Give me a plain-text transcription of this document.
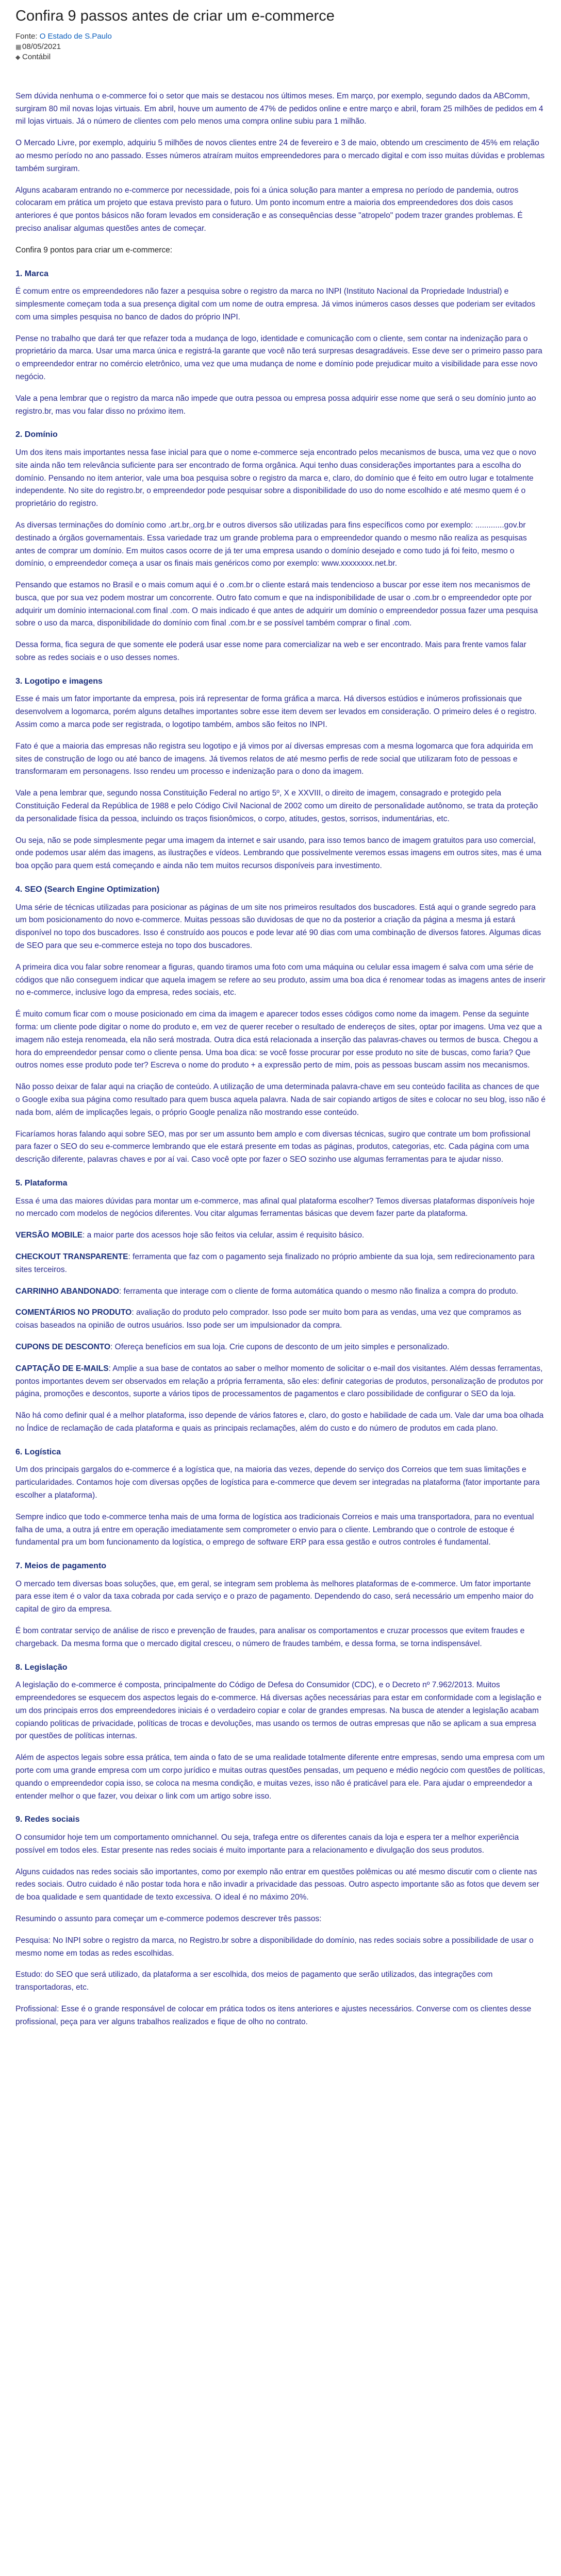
Confira 9 passos antes de criar um e-commerce

Fonte: O Estado de S.Paulo

▦ 08/05/2021

◆ Contábil

Sem dúvida nenhuma o e-commerce foi o setor que mais se destacou nos últimos meses. Em março, por exemplo, segundo dados da ABComm, surgiram 80 mil novas lojas virtuais. Em abril, houve um aumento de 47% de pedidos online e entre março e abril, foram 25 milhões de pedidos em 4 mil lojas virtuais. Já o número de clientes com pelo menos uma compra online subiu para 1 milhão.

O Mercado Livre, por exemplo, adquiriu 5 milhões de novos clientes entre 24 de fevereiro e 3 de maio, obtendo um crescimento de 45% em relação ao mesmo período no ano passado. Esses números atraíram muitos empreendedores para o mercado digital e com isso muitas dúvidas e problemas também surgiram.

Alguns acabaram entrando no e-commerce por necessidade, pois foi a única solução para manter a empresa no período de pandemia, outros colocaram em prática um projeto que estava previsto para o futuro. Um ponto incomum entre a maioria dos empreendedores dos dois casos anteriores é que pontos básicos não foram levados em consideração e as consequências desse "atropelo" podem trazer grandes problemas. É preciso analisar algumas questões antes de começar.

Confira 9 pontos para criar um e-commerce:

1. Marca

É comum entre os empreendedores não fazer a pesquisa sobre o registro da marca no INPI (Instituto Nacional da Propriedade Industrial) e simplesmente começam toda a sua presença digital com um nome de outra empresa. Já vimos inúmeros casos desses que poderiam ser evitados com uma simples pesquisa no banco de dados do próprio INPI.

Pense no trabalho que dará ter que refazer toda a mudança de logo, identidade e comunicação com o cliente, sem contar na indenização para o proprietário da marca. Usar uma marca única e registrá-la garante que você não terá surpresas desagradáveis. Esse deve ser o primeiro passo para o empreendedor entrar no comércio eletrônico, uma vez que uma mudança de nome e domínio pode prejudicar muito a visibilidade para esse novo negócio.

Vale a pena lembrar que o registro da marca não impede que outra pessoa ou empresa possa adquirir esse nome que será o seu domínio junto ao registro.br, mas vou falar disso no próximo item.

2. Domínio

Um dos itens mais importantes nessa fase inicial para que o nome e-commerce seja encontrado pelos mecanismos de busca, uma vez que o novo site ainda não tem relevância suficiente para ser encontrado de forma orgânica. Aqui tenho duas considerações importantes para a escolha do domínio. Pensando no item anterior, vale uma boa pesquisa sobre o registro da marca e, claro, do domínio que é feito em outro lugar e totalmente independente. No site do registro.br, o empreendedor pode pesquisar sobre a disponibilidade do uso do nome escolhido e até mesmo quem é o proprietário do registro.

As diversas terminações do domínio como .art.br,.org.br e outros diversos são utilizadas para fins específicos como por exemplo: .............gov.br destinado a órgãos governamentais. Essa variedade traz um grande problema para o empreendedor quando o mesmo não realiza as pesquisas antes de comprar um domínio. Em muitos casos ocorre de já ter uma empresa usando o domínio desejado e como tudo já foi feito, mesmo o domínio, o empreendedor começa a usar os finais mais genéricos como por exemplo: www.xxxxxxxx.net.br.

Pensando que estamos no Brasil e o mais comum aqui é o .com.br o cliente estará mais tendencioso a buscar por esse item nos mecanismos de busca, que por sua vez podem mostrar um concorrente. Outro fato comum e que na indisponibilidade de usar o .com.br o empreendedor opte por adquirir um domínio internacional.com final .com. O mais indicado é que antes de adquirir um domínio o empreendedor possua fazer uma pesquisa sobre o uso da marca, disponibilidade do domínio com final .com.br e se possível também comprar o final .com.

Dessa forma, fica segura de que somente ele poderá usar esse nome para comercializar na web e ser encontrado. Mais para frente vamos falar sobre as redes sociais e o uso desses nomes.

3. Logotipo e imagens

Esse é mais um fator importante da empresa, pois irá representar de forma gráfica a marca. Há diversos estúdios e inúmeros profissionais que desenvolvem a logomarca, porém alguns detalhes importantes sobre esse item devem ser levados em consideração. O primeiro deles é o registro. Assim como a marca pode ser registrada, o logotipo também, ambos são feitos no INPI.

Fato é que a maioria das empresas não registra seu logotipo e já vimos por aí diversas empresas com a mesma logomarca que fora adquirida em sites de construção de logo ou até banco de imagens. Já tivemos relatos de até mesmo perfis de rede social que utilizaram foto de pessoas e transformaram em personagens. Isso rendeu um processo e indenização para o dono da imagem.

Vale a pena lembrar que, segundo nossa Constituição Federal no artigo 5º, X e XXVIII, o direito de imagem, consagrado e protegido pela Constituição Federal da República de 1988 e pelo Código Civil Nacional de 2002 como um direito de personalidade autônomo, se trata da proteção da personalidade física da pessoa, incluindo os traços fisionômicos, o corpo, atitudes, gestos, sorrisos, indumentárias, etc.

Ou seja, não se pode simplesmente pegar uma imagem da internet e sair usando, para isso temos banco de imagem gratuitos para uso comercial, onde podemos usar além das imagens, as ilustrações e vídeos. Lembrando que possivelmente veremos essas imagens em outros sites, mas é uma boa opção para quem está começando e ainda não tem muitos recursos disponíveis para investimento.

4. SEO (Search Engine Optimization)

Uma série de técnicas utilizadas para posicionar as páginas de um site nos primeiros resultados dos buscadores. Está aqui o grande segredo para um bom posicionamento do novo e-commerce. Muitas pessoas são duvidosas de que no da posterior a criação da página a mesma já estará disponível no topo dos buscadores. Isso é construído aos poucos e pode levar até 90 dias com uma combinação de diversos fatores. Algumas dicas de SEO para que seu e-commerce esteja no topo dos buscadores.

A primeira dica vou falar sobre renomear a figuras, quando tiramos uma foto com uma máquina ou celular essa imagem é salva com uma série de códigos que não conseguem indicar que aquela imagem se refere ao seu produto, assim uma boa dica é renomear todas as imagens antes de inserir no e-commerce, inclusive logo da empresa, redes sociais, etc.

É muito comum ficar com o mouse posicionado em cima da imagem e aparecer todos esses códigos como nome da imagem. Pense da seguinte forma: um cliente pode digitar o nome do produto e, em vez de querer receber o resultado de endereços de sites, optar por imagens. Uma vez que a imagem não esteja renomeada, ela não será mostrada. Outra dica está relacionada a inserção das palavras-chaves ou termos de busca. Chegou a hora do empreendedor pensar como o cliente pensa. Uma boa dica: se você fosse procurar por esse produto no site de buscas, como faria? Que outros nomes esse produto pode ter? Escreva o nome do produto + a expressão perto de mim, pois as pessoas buscam assim nos mecanismos.

Não posso deixar de falar aqui na criação de conteúdo. A utilização de uma determinada palavra-chave em seu conteúdo facilita as chances de que o Google exiba sua página como resultado para quem busca aquela palavra. Nada de sair copiando artigos de sites e colocar no seu blog, isso não é nada bom, além de implicações legais, o próprio Google penaliza não mostrando esse conteúdo.

Ficaríamos horas falando aqui sobre SEO, mas por ser um assunto bem amplo e com diversas técnicas, sugiro que contrate um bom profissional para fazer o SEO do seu e-commerce lembrando que ele estará presente em todas as páginas, produtos, categorias, etc. Cada página com uma descrição diferente, palavras chaves e por aí vai. Caso você opte por fazer o SEO sozinho use algumas ferramentas para te ajudar nisso.

5. Plataforma

Essa é uma das maiores dúvidas para montar um e-commerce, mas afinal qual plataforma escolher? Temos diversas plataformas disponíveis hoje no mercado com modelos de negócios diferentes. Vou citar algumas ferramentas básicas que devem fazer parte da plataforma.

VERSÃO MOBILE: a maior parte dos acessos hoje são feitos via celular, assim é requisito básico.

CHECKOUT TRANSPARENTE: ferramenta que faz com o pagamento seja finalizado no próprio ambiente da sua loja, sem redirecionamento para sites terceiros.

CARRINHO ABANDONADO: ferramenta que interage com o cliente de forma automática quando o mesmo não finaliza a compra do produto.

COMENTÁRIOS NO PRODUTO: avaliação do produto pelo comprador. Isso pode ser muito bom para as vendas, uma vez que compramos as coisas baseados na opinião de outros usuários. Isso pode ser um impulsionador da compra.

CUPONS DE DESCONTO: Ofereça benefícios em sua loja. Crie cupons de desconto de um jeito simples e personalizado.

CAPTAÇÃO DE E-MAILS: Amplie a sua base de contatos ao saber o melhor momento de solicitar o e-mail dos visitantes. Além dessas ferramentas, pontos importantes devem ser observados em relação a própria ferramenta, são eles: definir categorias de produtos, personalização de produtos por página, promoções e descontos, suporte a vários tipos de processamentos de pagamentos e claro possibilidade de configurar o SEO da loja.

Não há como definir qual é a melhor plataforma, isso depende de vários fatores e, claro, do gosto e habilidade de cada um. Vale dar uma boa olhada no Índice de reclamação de cada plataforma e quais as principais reclamações, além do custo e do número de produtos em cada plano.

6. Logística

Um dos principais gargalos do e-commerce é a logística que, na maioria das vezes, depende do serviço dos Correios que tem suas limitações e particularidades. Contamos hoje com diversas opções de logística para e-commerce que devem ser integradas na plataforma (fator importante para escolher a plataforma).

Sempre indico que todo e-commerce tenha mais de uma forma de logística aos tradicionais Correios e mais uma transportadora, para no eventual falha de uma, a outra já entre em operação imediatamente sem comprometer o envio para o cliente. Lembrando que o controle de estoque é fundamental pra um bom funcionamento da logística, o emprego de software ERP para essa gestão e outros controles é fundamental.

7. Meios de pagamento

O mercado tem diversas boas soluções, que, em geral, se integram sem problema às melhores plataformas de e-commerce. Um fator importante para esse item é o valor da taxa cobrada por cada serviço e o prazo de pagamento. Dependendo do caso, será necessário um empenho maior do capital de giro da empresa.

É bom contratar serviço de análise de risco e prevenção de fraudes, para analisar os comportamentos e cruzar processos que evitem fraudes e chargeback. Da mesma forma que o mercado digital cresceu, o número de fraudes também, e dessa forma, se torna indispensável.

8. Legislação

A legislação do e-commerce é composta, principalmente do Código de Defesa do Consumidor (CDC), e o Decreto nº 7.962/2013. Muitos empreendedores se esquecem dos aspectos legais do e-commerce. Há diversas ações necessárias para estar em conformidade com a legislação e um dos principais erros dos empreendedores iniciais é o verdadeiro copiar e colar de grandes empresas. Na busca de atender a legislação acabam copiando politicas de privacidade, políticas de trocas e devoluções, mas usando os termos de outras empresas que não se aplicam a sua empresa por questões de políticas internas.

Além de aspectos legais sobre essa prática, tem ainda o fato de se uma realidade totalmente diferente entre empresas, sendo uma empresa com um porte com uma grande empresa com um corpo jurídico e muitas outras questões pensadas, um pequeno e médio negócio com questões de políticas, quando o empreendedor copia isso, se coloca na mesma condição, e muitas vezes, isso não é praticável para ele. Para ajudar o empreendedor a entender melhor o que fazer, vou deixar o link com um artigo sobre isso.

9. Redes sociais

O consumidor hoje tem um comportamento omnichannel. Ou seja, trafega entre os diferentes canais da loja e espera ter a melhor experiência possível em todos eles. Estar presente nas redes sociais é muito importante para a relacionamento e divulgação dos seus produtos.

Alguns cuidados nas redes sociais são importantes, como por exemplo não entrar em questões polêmicas ou até mesmo discutir com o cliente nas redes sociais. Outro cuidado é não postar toda hora e não invadir a privacidade das pessoas. Outro aspecto importante são as fotos que devem ser de boa qualidade e sem quantidade de texto excessiva. O ideal é no máximo 20%.

Resumindo o assunto para começar um e-commerce podemos descrever três passos:

Pesquisa: No INPI sobre o registro da marca, no Registro.br sobre a disponibilidade do domínio, nas redes sociais sobre a possibilidade de usar o mesmo nome em todas as redes escolhidas.

Estudo: do SEO que será utilizado, da plataforma a ser escolhida, dos meios de pagamento que serão utilizados, das integrações com transportadoras, etc.

Profissional: Esse é o grande responsável de colocar em prática todos os itens anteriores e ajustes necessários. Converse com os clientes desse profissional, peça para ver alguns trabalhos realizados e fique de olho no contrato.
